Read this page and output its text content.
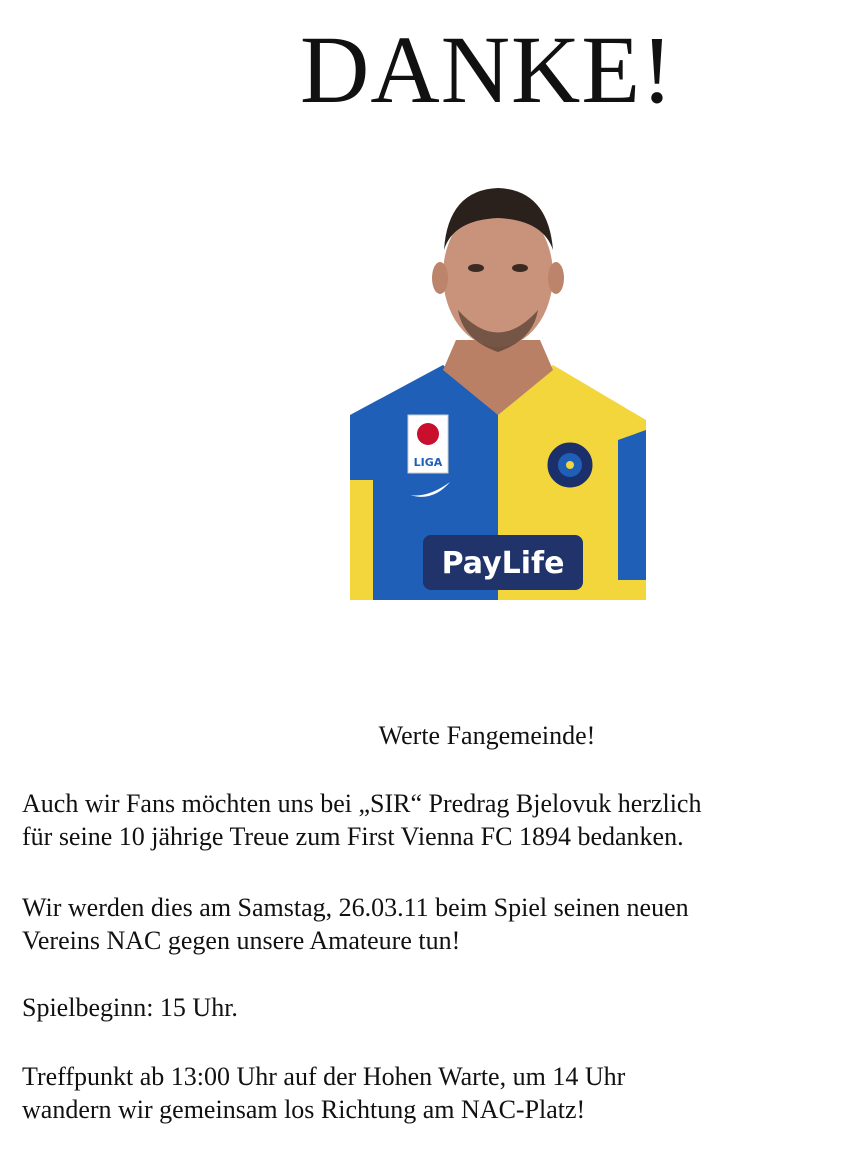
DANKE!
LIGA
PayLife
Werte Fangemeinde!

Auch wir Fans möchten uns bei „SIR“ Predrag Bjelovuk herzlich
für seine 10 jährige Treue zum First Vienna FC 1894 bedanken.

Wir werden dies am Samstag, 26.03.11 beim Spiel seinen neuen
Vereins NAC gegen unsere Amateure tun!

Spielbeginn: 15 Uhr.

Treffpunkt ab 13:00 Uhr auf der Hohen Warte, um 14 Uhr
wandern wir gemeinsam los Richtung am NAC-Platz!
